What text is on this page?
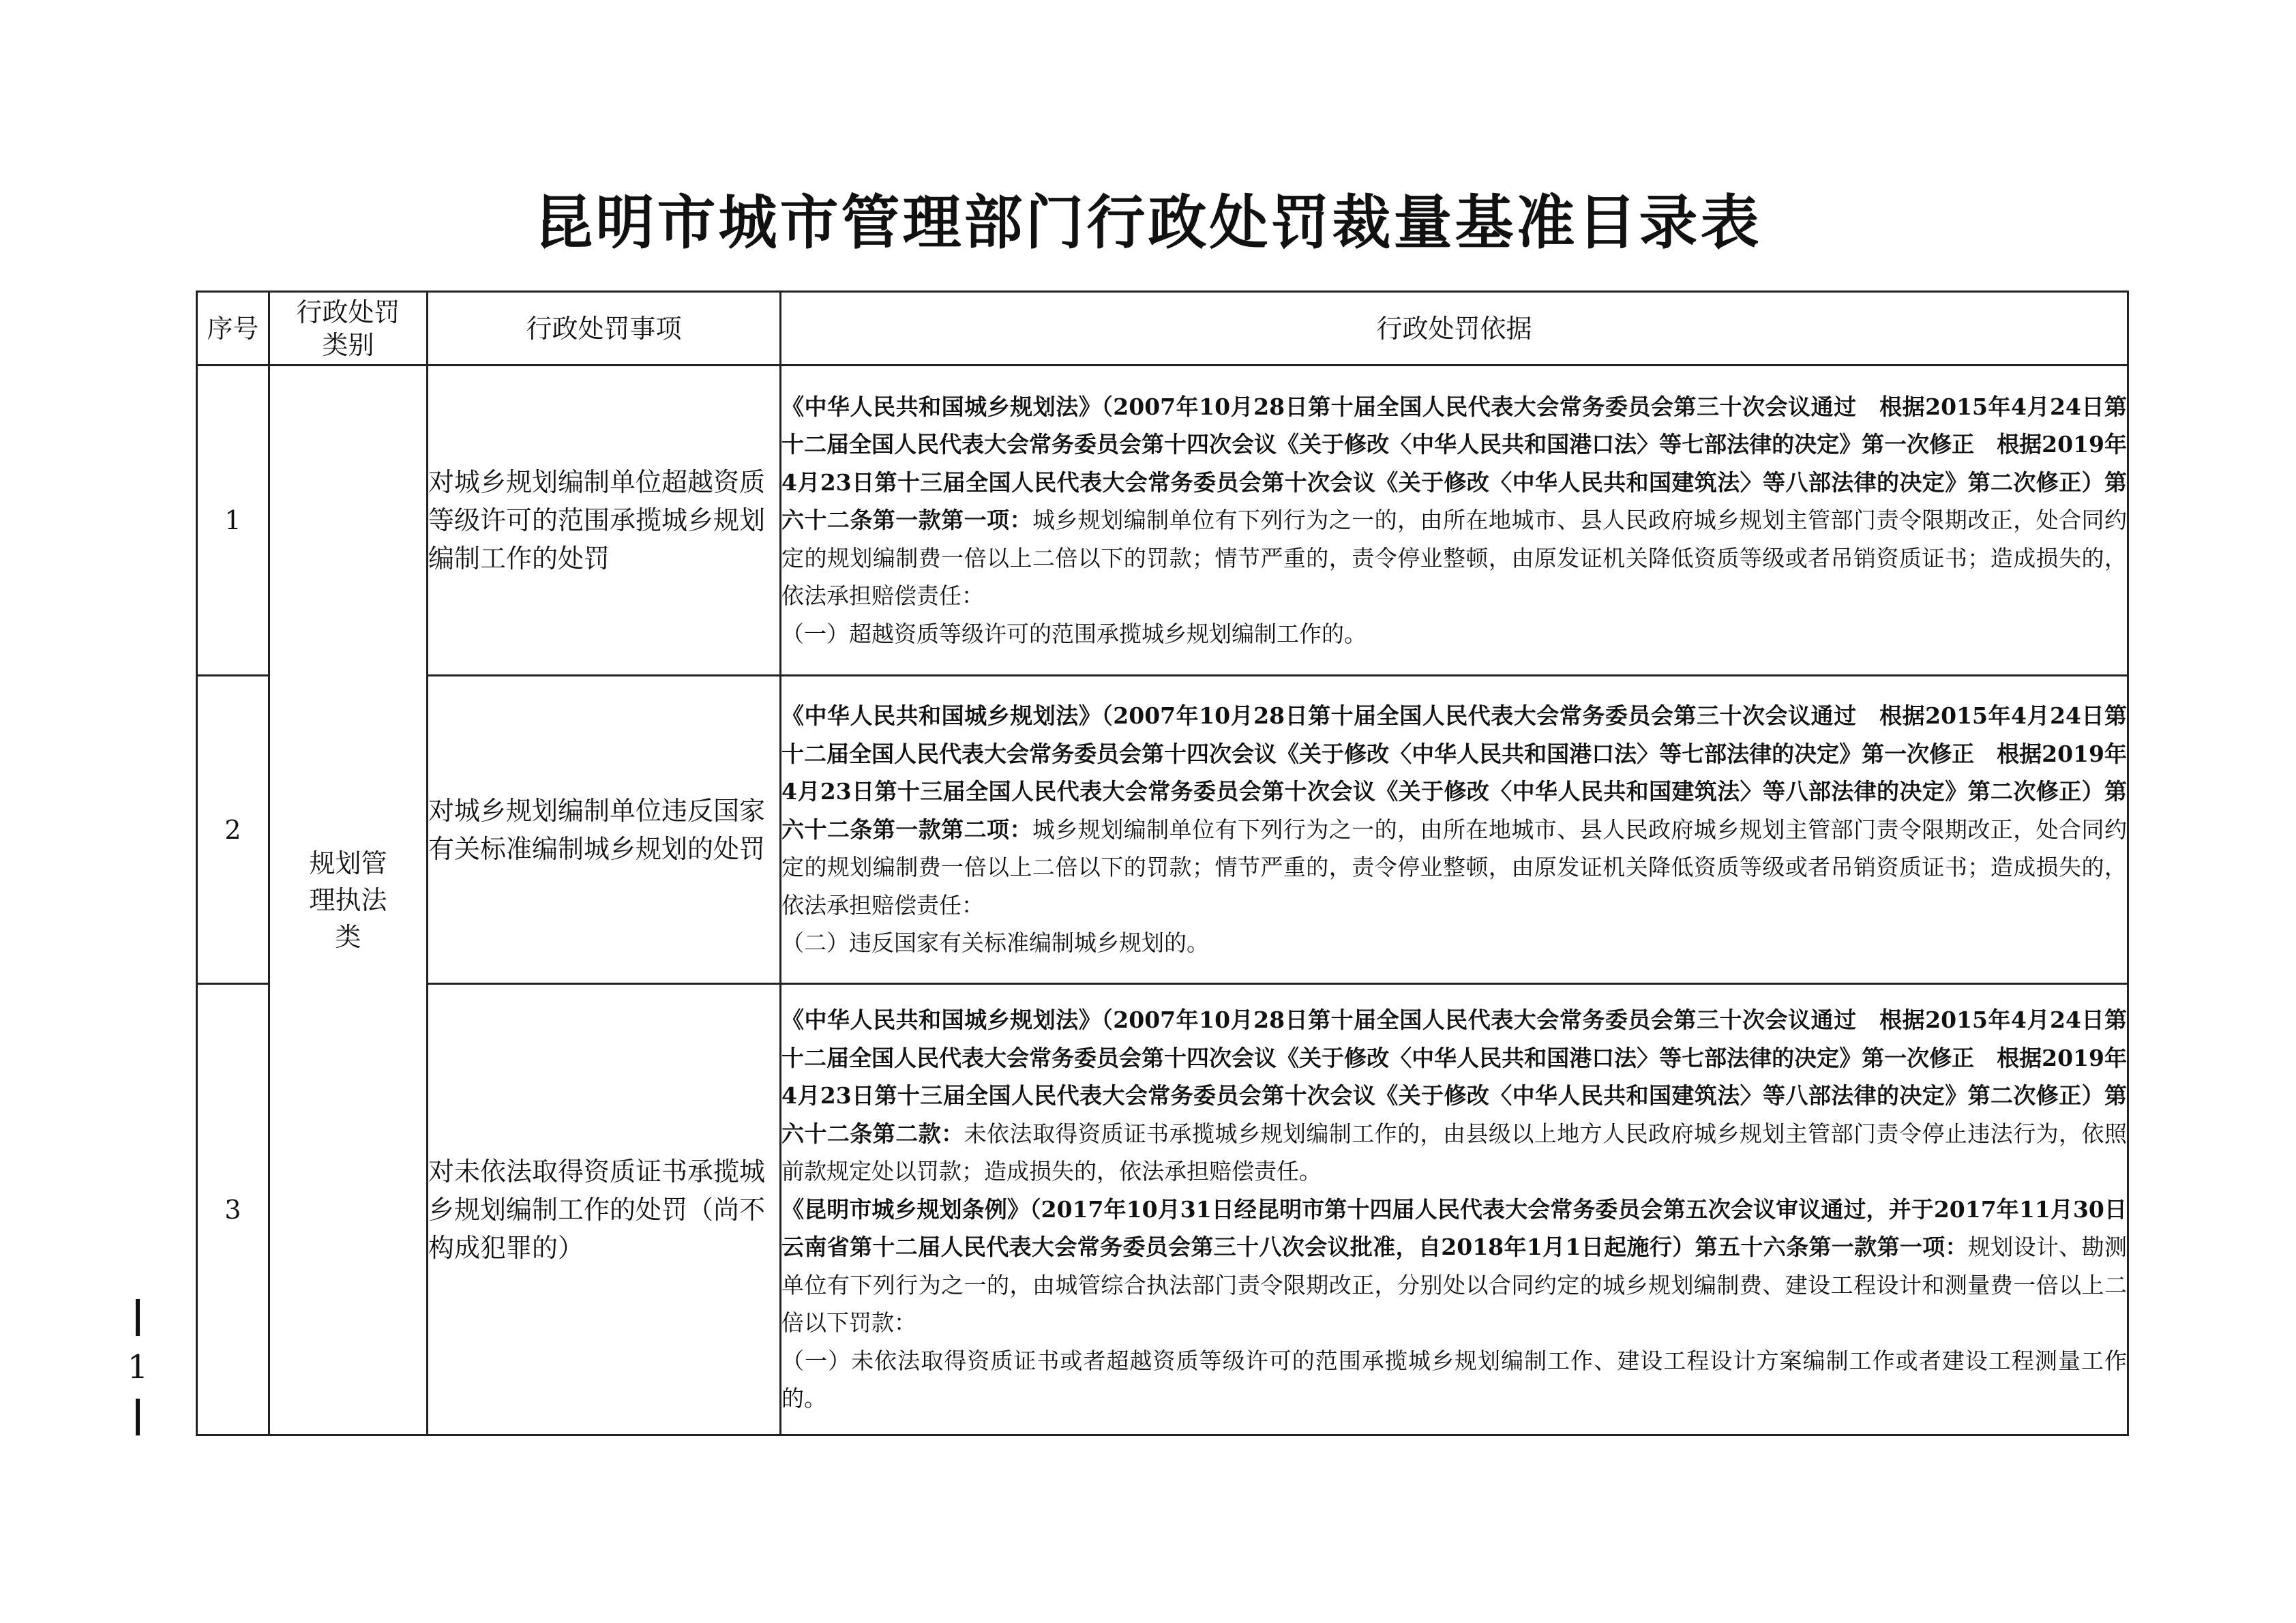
昆明市城市管理部门行政处罚裁量基准目录表
序号	行政处罚类别	行政处罚事项	行政处罚依据
1	规划管理执法类	对城乡规划编制单位超越资质等级许可的范围承揽城乡规划编制工作的处罚	《中华人民共和国城乡规划法》（2007年10月28日第十届全国人民代表大会常务委员会第三十次会议通过　根据2015年4月24日第十二届全国人民代表大会常务委员会第十四次会议《关于修改〈中华人民共和国港口法〉等七部法律的决定》第一次修正　根据2019年4月23日第十三届全国人民代表大会常务委员会第十次会议《关于修改〈中华人民共和国建筑法〉等八部法律的决定》第二次修正）第六十二条第一款第一项：城乡规划编制单位有下列行为之一的，由所在地城市、县人民政府城乡规划主管部门责令限期改正，处合同约定的规划编制费一倍以上二倍以下的罚款；情节严重的，责令停业整顿，由原发证机关降低资质等级或者吊销资质证书；造成损失的，依法承担赔偿责任：
（一）超越资质等级许可的范围承揽城乡规划编制工作的。

2		对城乡规划编制单位违反国家有关标准编制城乡规划的处罚	《中华人民共和国城乡规划法》（2007年10月28日第十届全国人民代表大会常务委员会第三十次会议通过　根据2015年4月24日第十二届全国人民代表大会常务委员会第十四次会议《关于修改〈中华人民共和国港口法〉等七部法律的决定》第一次修正　根据2019年4月23日第十三届全国人民代表大会常务委员会第十次会议《关于修改〈中华人民共和国建筑法〉等八部法律的决定》第二次修正）第六十二条第一款第二项：城乡规划编制单位有下列行为之一的，由所在地城市、县人民政府城乡规划主管部门责令限期改正，处合同约定的规划编制费一倍以上二倍以下的罚款；情节严重的，责令停业整顿，由原发证机关降低资质等级或者吊销资质证书；造成损失的，依法承担赔偿责任：
（二）违反国家有关标准编制城乡规划的。

3		对未依法取得资质证书承揽城乡规划编制工作的处罚（尚不构成犯罪的）	《中华人民共和国城乡规划法》（2007年10月28日第十届全国人民代表大会常务委员会第三十次会议通过　根据2015年4月24日第十二届全国人民代表大会常务委员会第十四次会议《关于修改〈中华人民共和国港口法〉等七部法律的决定》第一次修正　根据2019年4月23日第十三届全国人民代表大会常务委员会第十次会议《关于修改〈中华人民共和国建筑法〉等八部法律的决定》第二次修正）第六十二条第二款：未依法取得资质证书承揽城乡规划编制工作的，由县级以上地方人民政府城乡规划主管部门责令停止违法行为，依照前款规定处以罚款；造成损失的，依法承担赔偿责任。
《昆明市城乡规划条例》（2017年10月31日经昆明市第十四届人民代表大会常务委员会第五次会议审议通过，并于2017年11月30日云南省第十二届人民代表大会常务委员会第三十八次会议批准，自2018年1月1日起施行）第五十六条第一款第一项：规划设计、勘测单位有下列行为之一的，由城管综合执法部门责令限期改正，分别处以合同约定的城乡规划编制费、建设工程设计和测量费一倍以上二倍以下罚款：
（一）未依法取得资质证书或者超越资质等级许可的范围承揽城乡规划编制工作、建设工程设计方案编制工作或者建设工程测量工作的。
1
